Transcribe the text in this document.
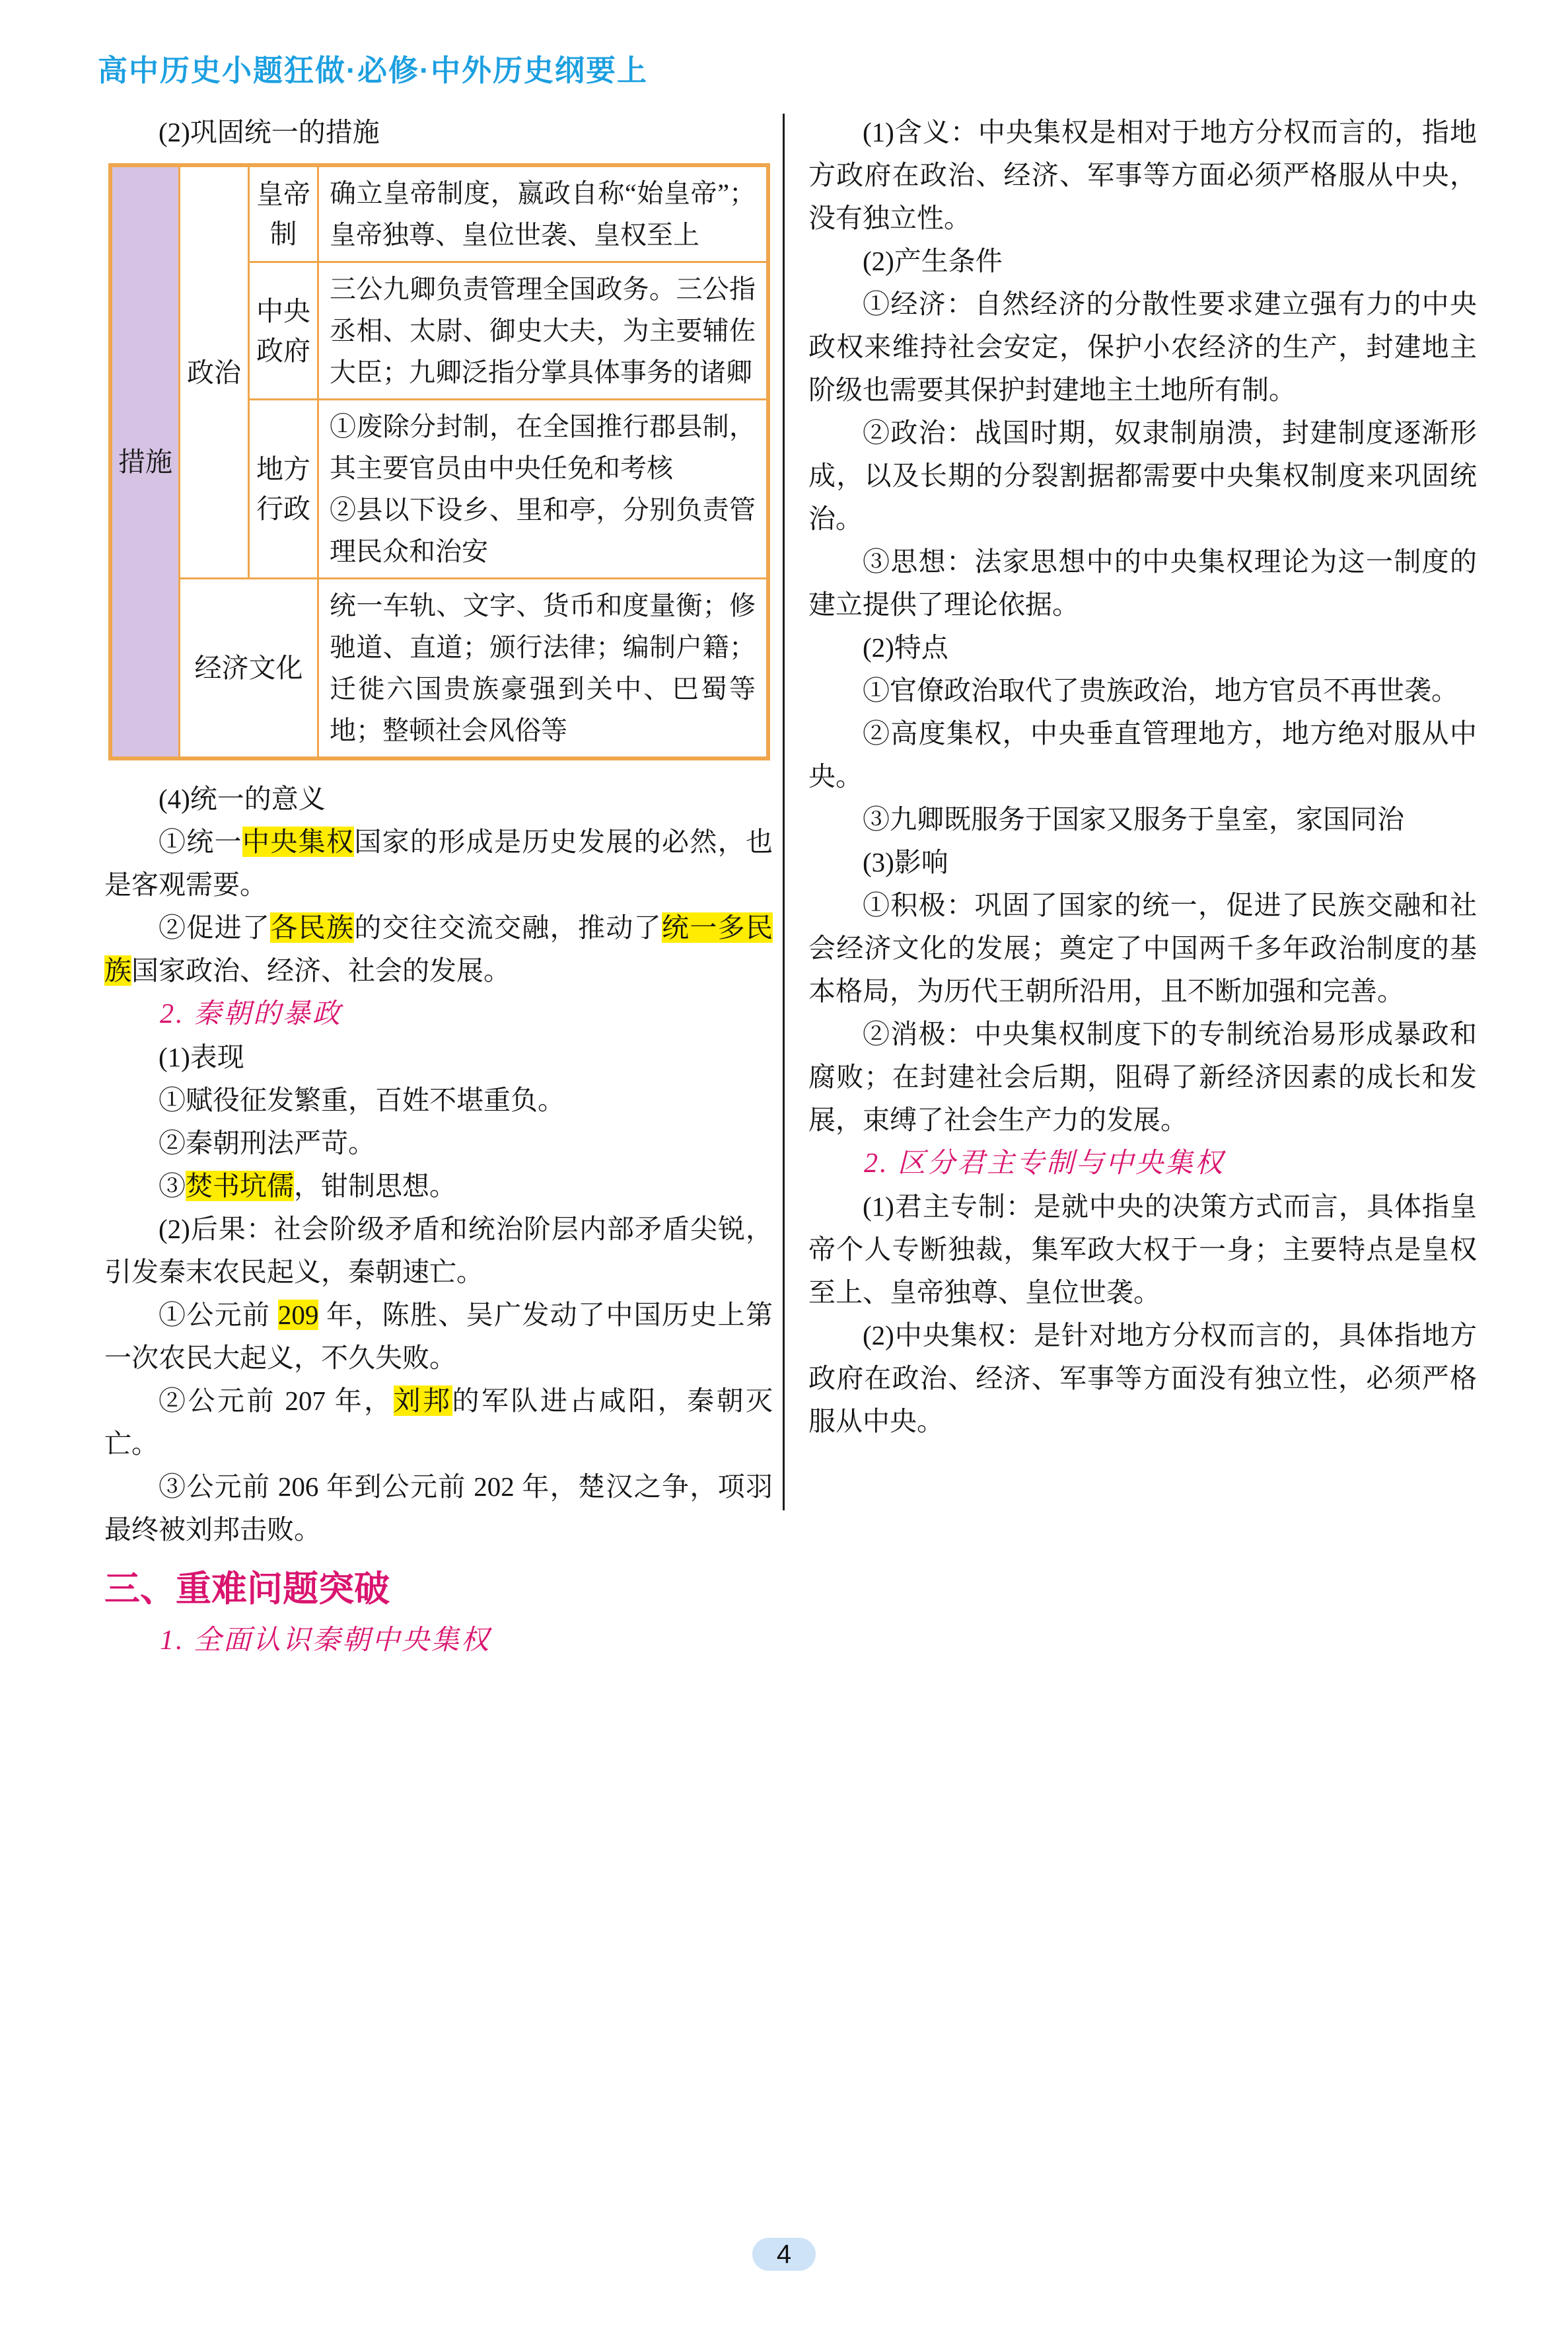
高中历史小题狂做·必修·中外历史纲要上

(2)巩固统一的措施

措施	政治	皇帝制	确立皇帝制度，嬴政自称“始皇帝”；皇帝独尊、皇位世袭、皇权至上
		中央政府	三公九卿负责管理全国政务。三公指丞相、太尉、御史大夫，为主要辅佐大臣；九卿泛指分掌具体事务的诸卿
		地方行政	①废除分封制，在全国推行郡县制，其主要官员由中央任免和考核
②县以下设乡、里和亭，分别负责管理民众和治安

	经济文化		统一车轨、文字、货币和度量衡；修驰道、直道；颁行法律；编制户籍；迁徙六国贵族豪强到关中、巴蜀等地；整顿社会风俗等

(4)统一的意义

①统一中央集权国家的形成是历史发展的必然，也是客观需要。

②促进了各民族的交往交流交融，推动了统一多民族国家政治、经济、社会的发展。

2. 秦朝的暴政

(1)表现

①赋役征发繁重，百姓不堪重负。

②秦朝刑法严苛。

③焚书坑儒，钳制思想。

(2)后果：社会阶级矛盾和统治阶层内部矛盾尖锐，引发秦末农民起义，秦朝速亡。

①公元前 209 年，陈胜、吴广发动了中国历史上第一次农民大起义，不久失败。

②公元前 207 年，刘邦的军队进占咸阳，秦朝灭亡。

③公元前 206 年到公元前 202 年，楚汉之争，项羽最终被刘邦击败。

三、重难问题突破

1. 全面认识秦朝中央集权

(1)含义：中央集权是相对于地方分权而言的，指地方政府在政治、经济、军事等方面必须严格服从中央，没有独立性。

(2)产生条件

①经济：自然经济的分散性要求建立强有力的中央政权来维持社会安定，保护小农经济的生产，封建地主阶级也需要其保护封建地主土地所有制。

②政治：战国时期，奴隶制崩溃，封建制度逐渐形成，以及长期的分裂割据都需要中央集权制度来巩固统治。

③思想：法家思想中的中央集权理论为这一制度的建立提供了理论依据。

(2)特点

①官僚政治取代了贵族政治，地方官员不再世袭。

②高度集权，中央垂直管理地方，地方绝对服从中央。

③九卿既服务于国家又服务于皇室，家国同治

(3)影响

①积极：巩固了国家的统一，促进了民族交融和社会经济文化的发展；奠定了中国两千多年政治制度的基本格局，为历代王朝所沿用，且不断加强和完善。

②消极：中央集权制度下的专制统治易形成暴政和腐败；在封建社会后期，阻碍了新经济因素的成长和发展，束缚了社会生产力的发展。

2. 区分君主专制与中央集权

(1)君主专制：是就中央的决策方式而言，具体指皇帝个人专断独裁，集军政大权于一身；主要特点是皇权至上、皇帝独尊、皇位世袭。

(2)中央集权：是针对地方分权而言的，具体指地方政府在政治、经济、军事等方面没有独立性，必须严格服从中央。

4
